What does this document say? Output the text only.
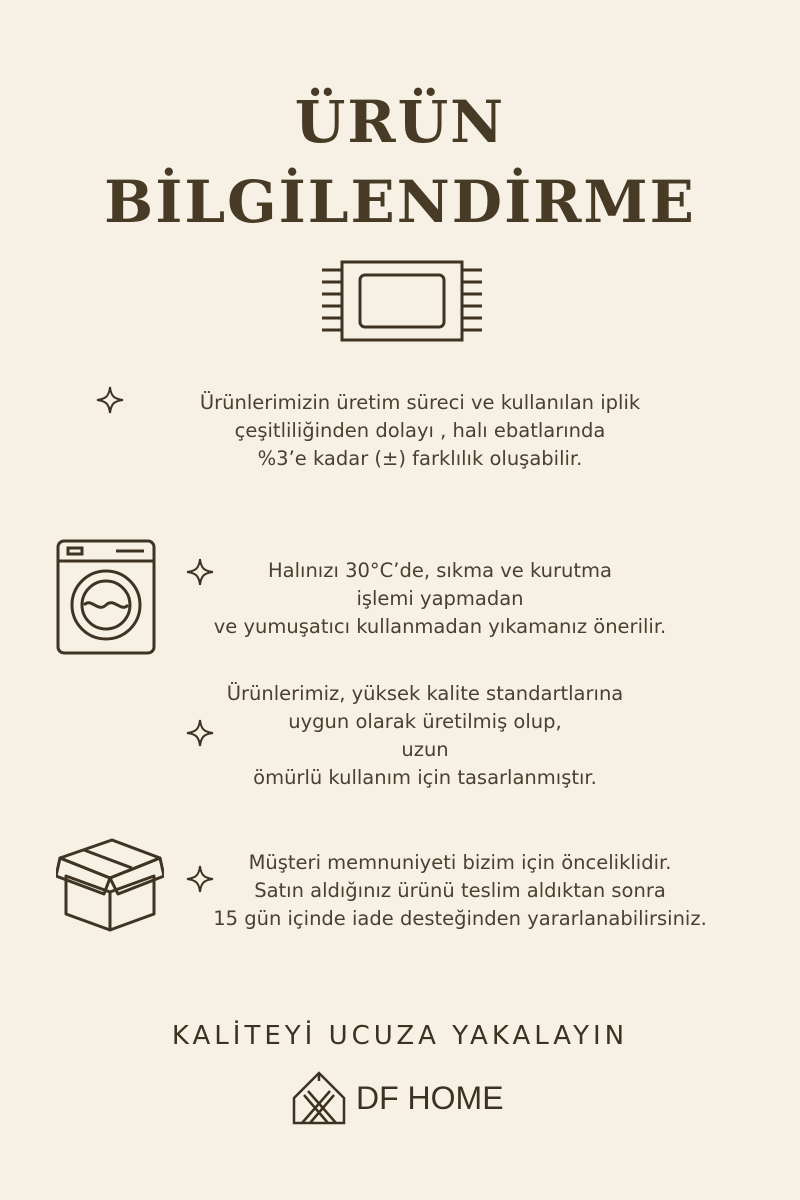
ÜRÜN
BİLGİLENDİRME
Ürünlerimizin üretim süreci ve kullanılan iplik
çeşitliliğinden dolayı , halı ebatlarında
%3’e kadar (±) farklılık oluşabilir.
Halınızı 30°C’de, sıkma ve kurutma
işlemi yapmadan
ve yumuşatıcı kullanmadan yıkamanız önerilir.
Ürünlerimiz, yüksek kalite standartlarına
uygun olarak üretilmiş olup,
uzun
ömürlü kullanım için tasarlanmıştır.
Müşteri memnuniyeti bizim için önceliklidir.
Satın aldığınız ürünü teslim aldıktan sonra
15 gün içinde iade desteğinden yararlanabilirsiniz.
KALİTEYİ UCUZA YAKALAYIN
DF HOME
